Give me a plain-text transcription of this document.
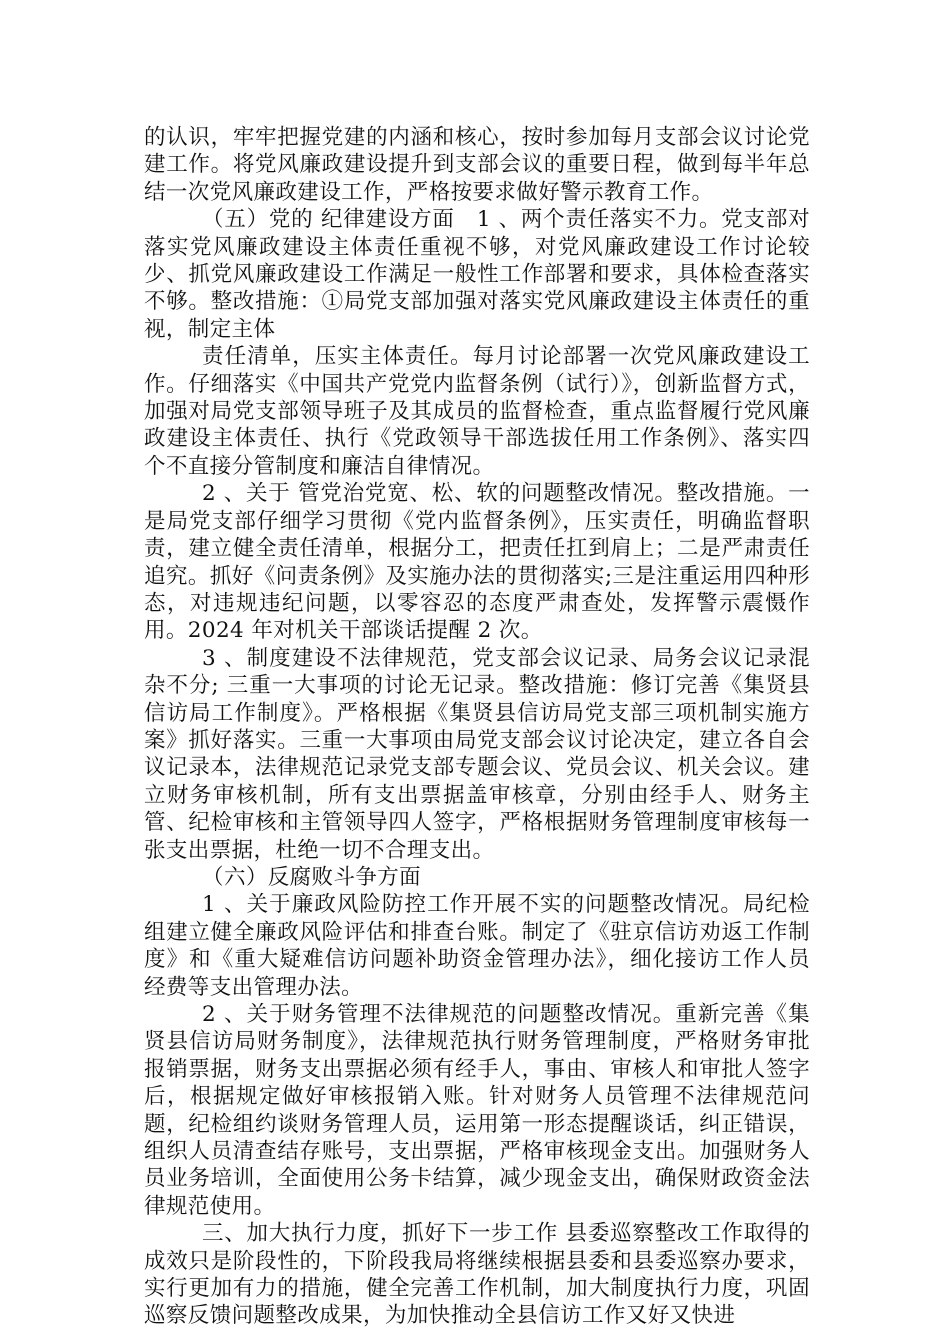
的认识，牢牢把握党建的内涵和核心，按时参加每月支部会议讨论党建工作。将党风廉政建设提升到支部会议的重要日程，做到每半年总结一次党风廉政建设工作，严格按要求做好警示教育工作。

（五）党的 纪律建设方面　1 、两个责任落实不力。党支部对落实党风廉政建设主体责任重视不够，对党风廉政建设工作讨论较少、抓党风廉政建设工作满足一般性工作部署和要求，具体检查落实不够。整改措施：①局党支部加强对落实党风廉政建设主体责任的重视，制定主体

责任清单，压实主体责任。每月讨论部署一次党风廉政建设工作。仔细落实《中国共产党党内监督条例（试行）》，创新监督方式，加强对局党支部领导班子及其成员的监督检查，重点监督履行党风廉政建设主体责任、执行《党政领导干部选拔任用工作条例》、落实四个不直接分管制度和廉洁自律情况。

2 、关于 管党治党宽、松、软的问题整改情况。整改措施。一是局党支部仔细学习贯彻《党内监督条例》，压实责任，明确监督职责，建立健全责任清单，根据分工，把责任扛到肩上；二是严肃责任追究。抓好《问责条例》及实施办法的贯彻落实;三是注重运用四种形态，对违规违纪问题，以零容忍的态度严肃查处，发挥警示震慑作用。2024 年对机关干部谈话提醒 2 次。

3 、制度建设不法律规范，党支部会议记录、局务会议记录混杂不分; 三重一大事项的讨论无记录。整改措施：修订完善《集贤县信访局工作制度》。严格根据《集贤县信访局党支部三项机制实施方案》抓好落实。三重一大事项由局党支部会议讨论决定，建立各自会议记录本，法律规范记录党支部专题会议、党员会议、机关会议。建立财务审核机制，所有支出票据盖审核章，分别由经手人、财务主管、纪检审核和主管领导四人签字，严格根据财务管理制度审核每一张支出票据，杜绝一切不合理支出。

（六）反腐败斗争方面

1 、关于廉政风险防控工作开展不实的问题整改情况。局纪检组建立健全廉政风险评估和排查台账。制定了《驻京信访劝返工作制度》和《重大疑难信访问题补助资金管理办法》，细化接访工作人员经费等支出管理办法。

2 、关于财务管理不法律规范的问题整改情况。重新完善《集贤县信访局财务制度》，法律规范执行财务管理制度，严格财务审批报销票据，财务支出票据必须有经手人，事由、审核人和审批人签字后，根据规定做好审核报销入账。针对财务人员管理不法律规范问题，纪检组约谈财务管理人员，运用第一形态提醒谈话，纠正错误，组织人员清查结存账号，支出票据，严格审核现金支出。加强财务人员业务培训，全面使用公务卡结算，减少现金支出，确保财政资金法律规范使用。

三、加大执行力度，抓好下一步工作 县委巡察整改工作取得的成效只是阶段性的，下阶段我局将继续根据县委和县委巡察办要求，实行更加有力的措施，健全完善工作机制，加大制度执行力度，巩固巡察反馈问题整改成果，为加快推动全县信访工作又好又快进
